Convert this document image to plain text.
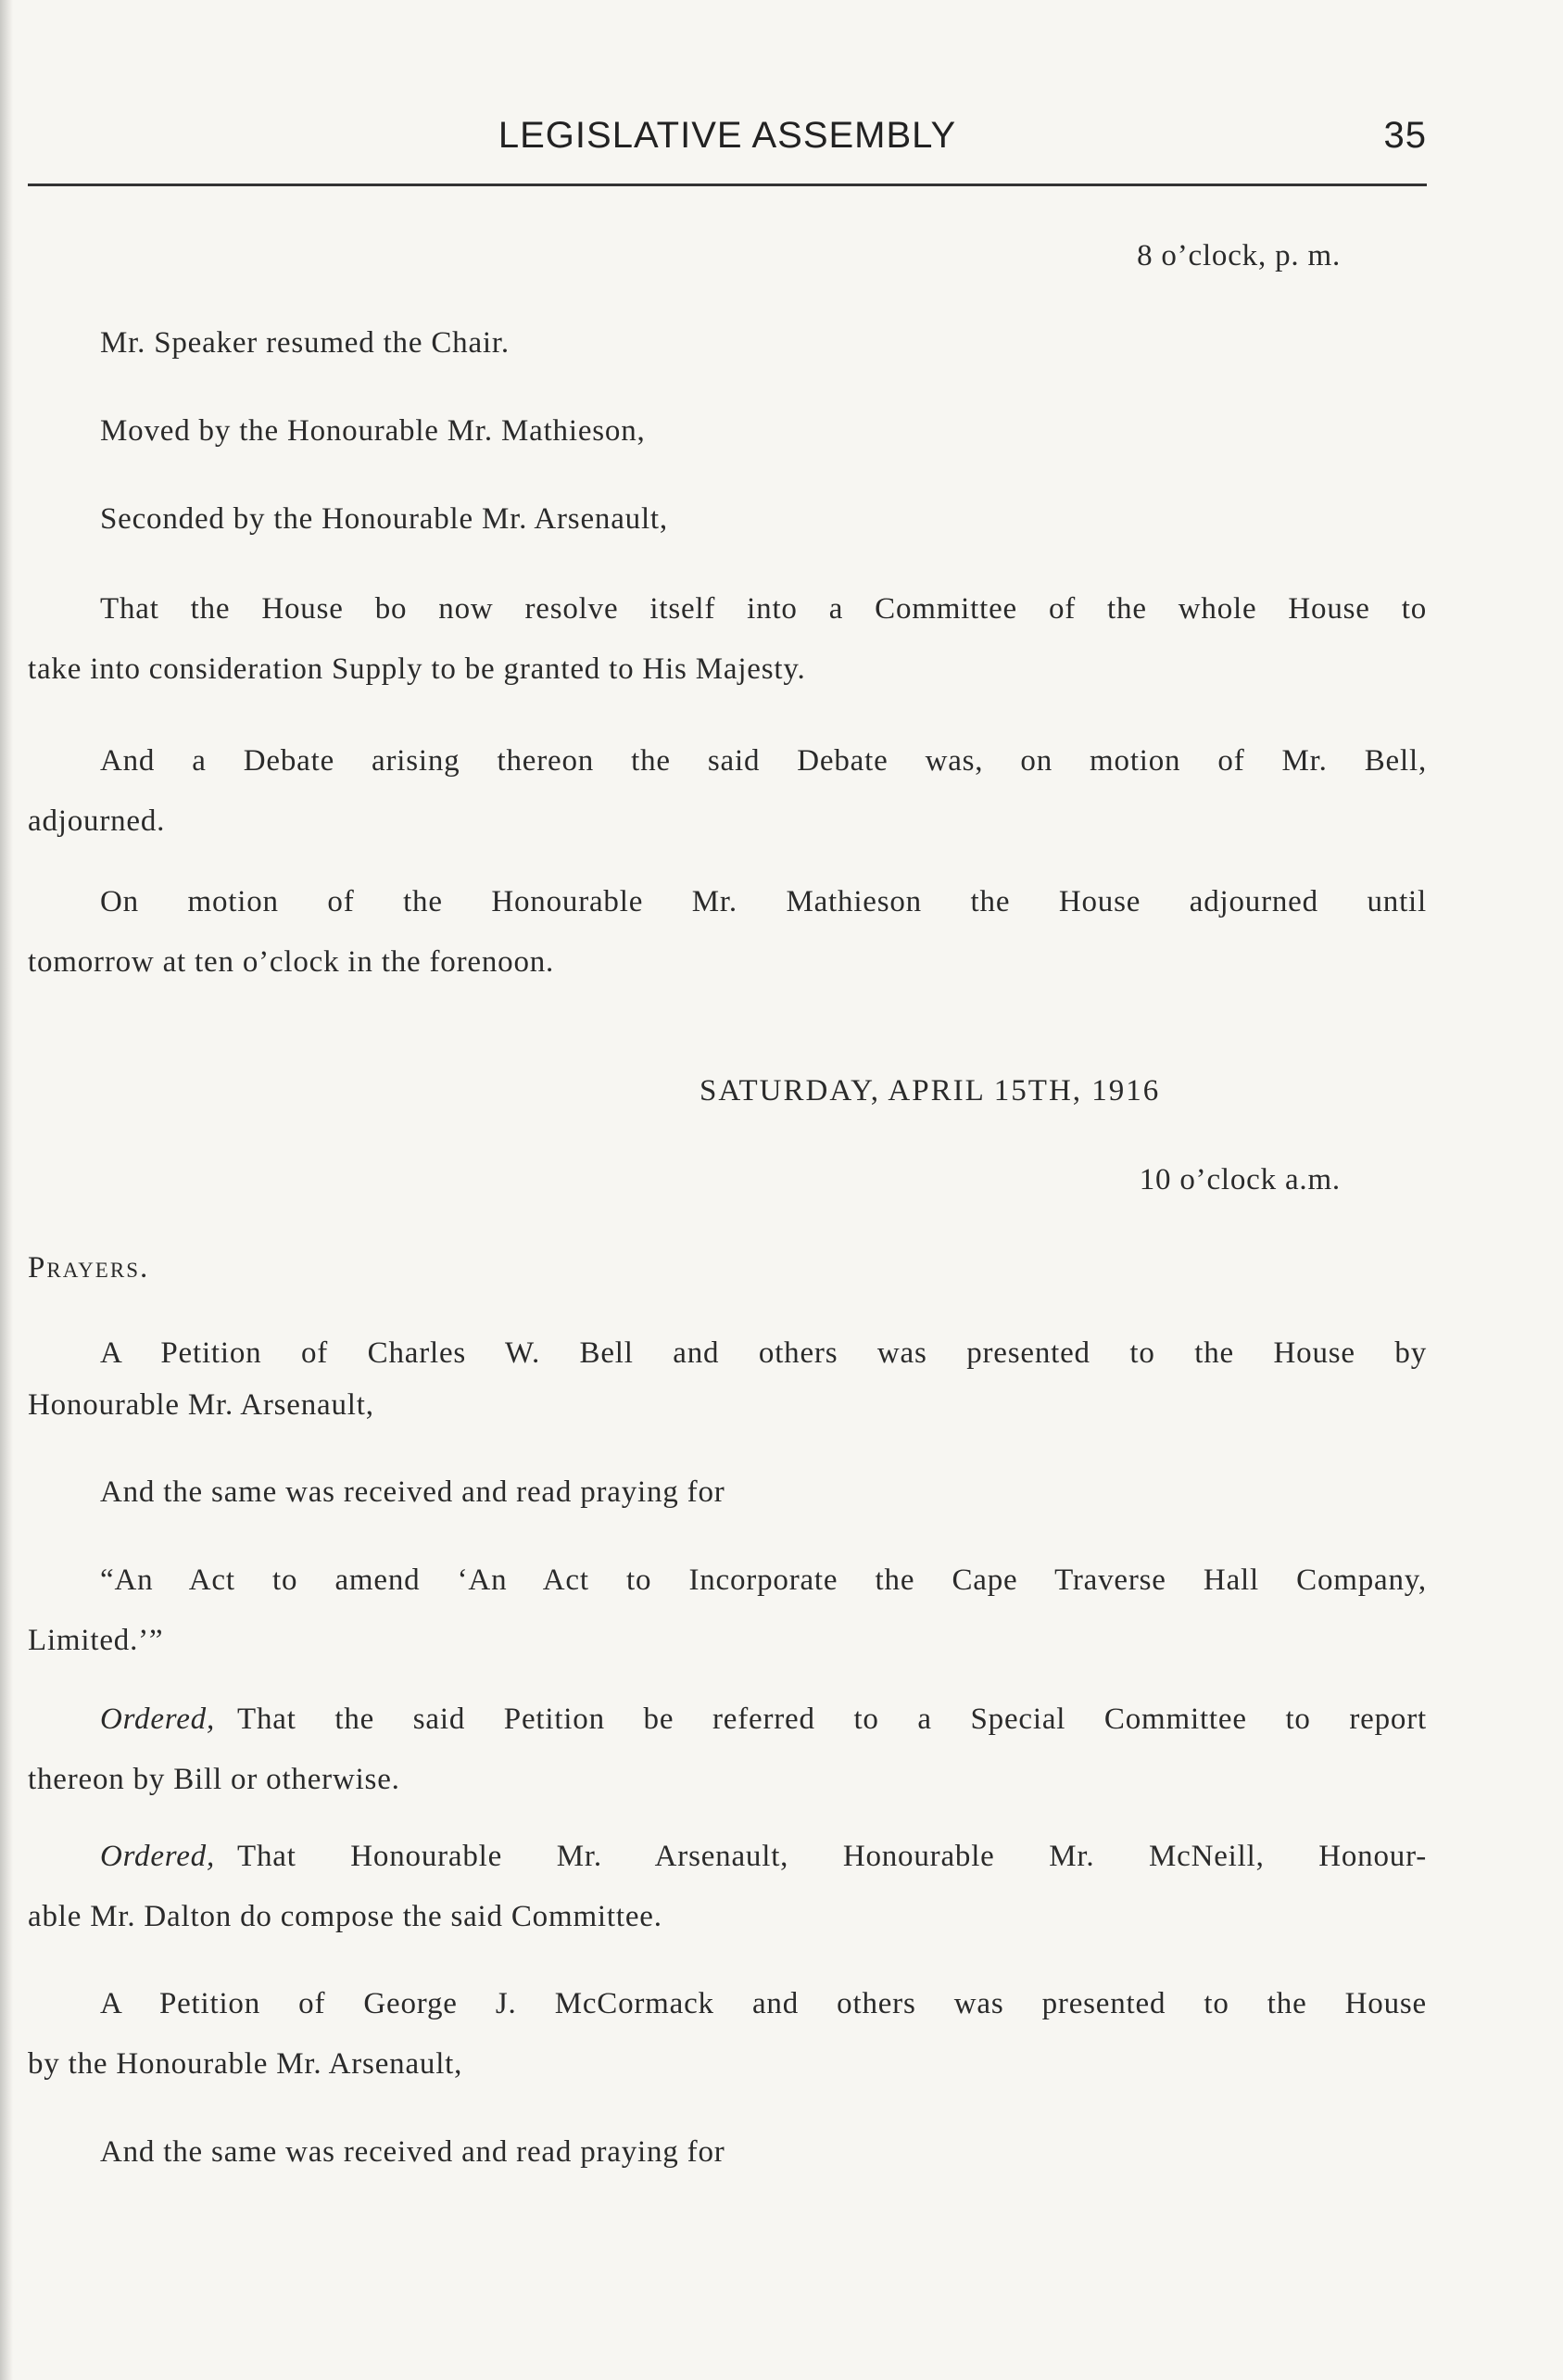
LEGISLATIVE ASSEMBLY	35
8 o’clock, p. m.
Mr. Speaker resumed the Chair.
Moved by the Honourable Mr. Mathieson,
Seconded by the Honourable Mr. Arsenault,
That the House bo now resolve itself into a Committee of the whole House to
take into consideration Supply to be granted to His Majesty.
And a Debate arising thereon the said Debate was, on motion of Mr. Bell,
adjourned.
On motion of the Honourable Mr. Mathieson the House adjourned until
tomorrow at ten o’clock in the forenoon.
SATURDAY, APRIL 15TH, 1916
10 o’clock a.m.
Prayers.
A Petition of Charles W. Bell and others was presented to the House by
Honourable Mr. Arsenault,
And the same was received and read praying for
“An Act to amend ‘An Act to Incorporate the Cape Traverse Hall Company,
Limited.’”
Ordered, That the said Petition be referred to a Special Committee to report
thereon by Bill or otherwise.
Ordered, That Honourable Mr. Arsenault, Honourable Mr. McNeill, Honour-
able Mr. Dalton do compose the said Committee.
A Petition of George J. McCormack and others was presented to the House
by the Honourable Mr. Arsenault,
And the same was received and read praying for
